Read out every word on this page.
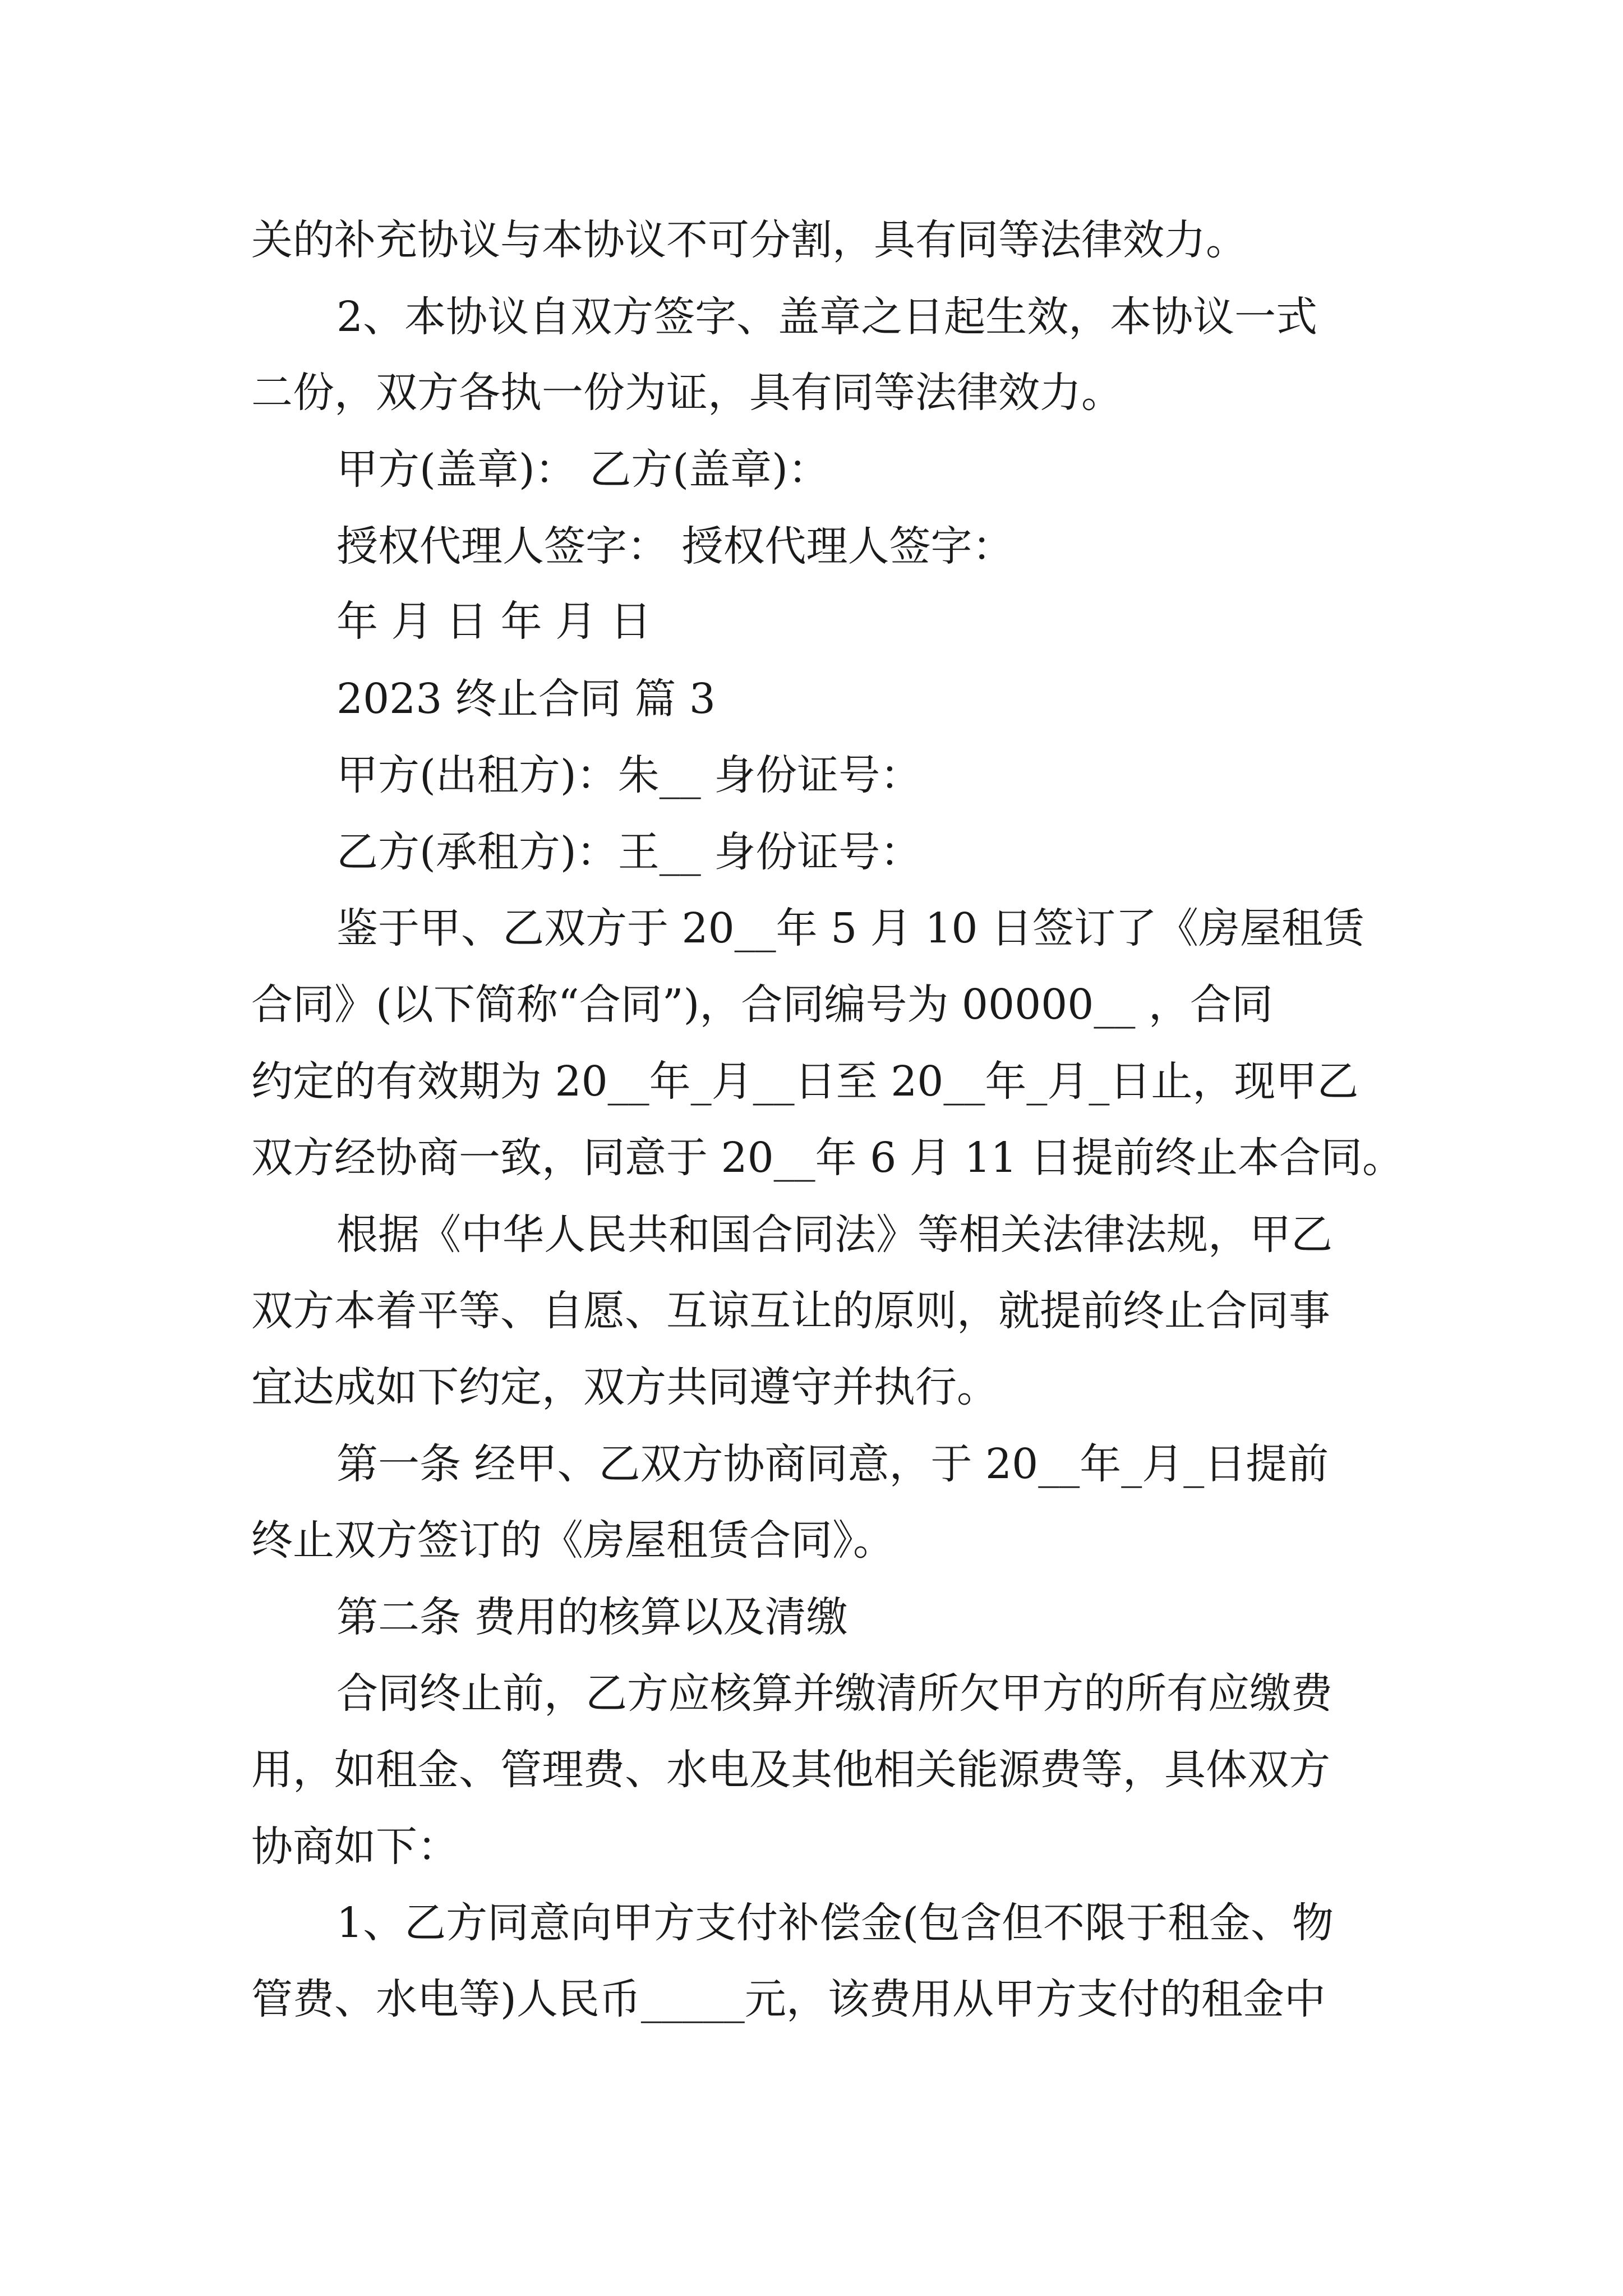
关的补充协议与本协议不可分割，具有同等法律效力。

2、本协议自双方签字、盖章之日起生效，本协议一式

二份，双方各执一份为证，具有同等法律效力。

甲方(盖章)： 乙方(盖章)：

授权代理人签字： 授权代理人签字：

年 月 日 年 月 日

2023 终止合同 篇 3

甲方(出租方)：朱__ 身份证号：

乙方(承租方)：王__ 身份证号：

鉴于甲、乙双方于 20__年 5 月 10 日签订了《房屋租赁

合同》(以下简称“合同”)，合同编号为 00000__ ，合同

约定的有效期为 20__年_月__日至 20__年_月_日止，现甲乙

双方经协商一致，同意于 20__年 6 月 11 日提前终止本合同。

根据《中华人民共和国合同法》等相关法律法规，甲乙

双方本着平等、自愿、互谅互让的原则，就提前终止合同事

宜达成如下约定，双方共同遵守并执行。

第一条 经甲、乙双方协商同意，于 20__年_月_日提前

终止双方签订的《房屋租赁合同》。

第二条 费用的核算以及清缴

合同终止前，乙方应核算并缴清所欠甲方的所有应缴费

用，如租金、管理费、水电及其他相关能源费等，具体双方

协商如下：

1、乙方同意向甲方支付补偿金(包含但不限于租金、物

管费、水电等)人民币_____元，该费用从甲方支付的租金中
